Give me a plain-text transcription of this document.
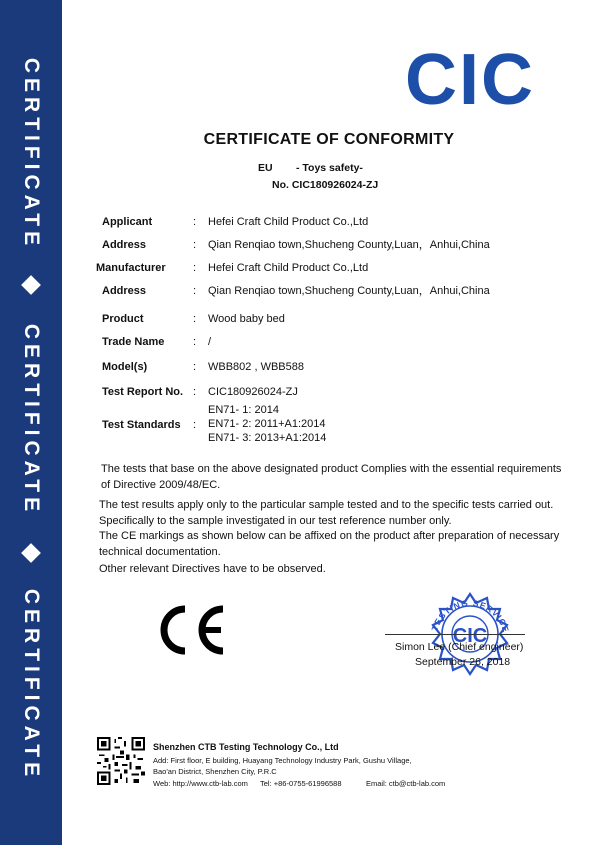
CERTIFICATE
CERTIFICATE
CERTIFICATE
CIC
CERTIFICATE OF CONFORMITY
EU - Toys safety-
No. CIC180926024-ZJ
Applicant	: Hefei Craft Child Product Co.,Ltd
Address	: Qian Renqiao town,Shucheng County,Luan，Anhui,China
Manufacturer : Hefei Craft Child Product Co.,Ltd
Address	: Qian Renqiao town,Shucheng County,Luan，Anhui,China
Product	: Wood baby bed
Trade Name	: /
Model(s)	: WBB802 , WBB588
Test Report No. : CIC180926024-ZJ
Test Standards :
EN71- 1: 2014
EN71- 2: 2011+A1:2014
EN71- 3: 2013+A1:2014
The tests that base on the above designated product Complies with the essential requirements of Directive 2009/48/EC.
The test results apply only to the particular sample tested and to the specific tests carried out. Specifically to the sample investigated in our test reference number only.
The CE markings as shown below can be affixed on the product after preparation of necessary technical documentation.
Other relevant Directives have to be observed.
TESTING SERVICE
CIC
Simon Lee (Chief engineer)
September 26, 2018
Shenzhen CTB Testing Technology Co., Ltd
Add: First floor, E building, Huayang Technology Industry Park, Gushu Village,
Bao'an District, Shenzhen City, P.R.C
Web: http://www.ctb-lab.com Tel: +86-0755-61996588	Email: ctb@ctb-lab.com
